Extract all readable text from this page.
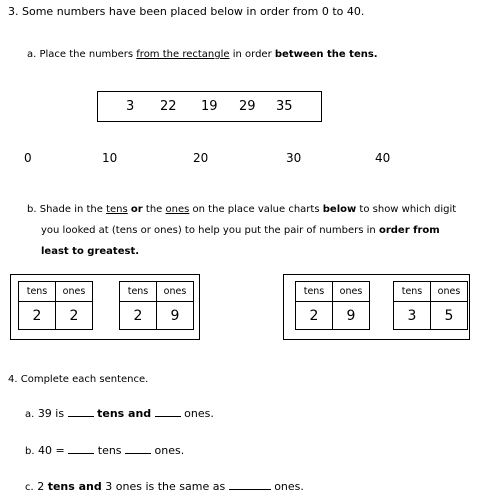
3. Some numbers have been placed below in order from 0 to 40.
a. Place the numbers from the rectangle in order between the tens.
3 22 19 29 35
0	10	20	30	40
b. Shade in the tens or the ones on the place value charts below to show which digit
you looked at (tens or ones) to help you put the pair of numbers in order from
least to greatest.
tens	ones
2	2
tens	ones
2	9
tens	ones
2	9
tens	ones
3	5
4. Complete each sentence.
a. 39 is	tens and	ones.
b. 40 =	tens	ones.
c. 2 tens and 3 ones is the same as	ones.
